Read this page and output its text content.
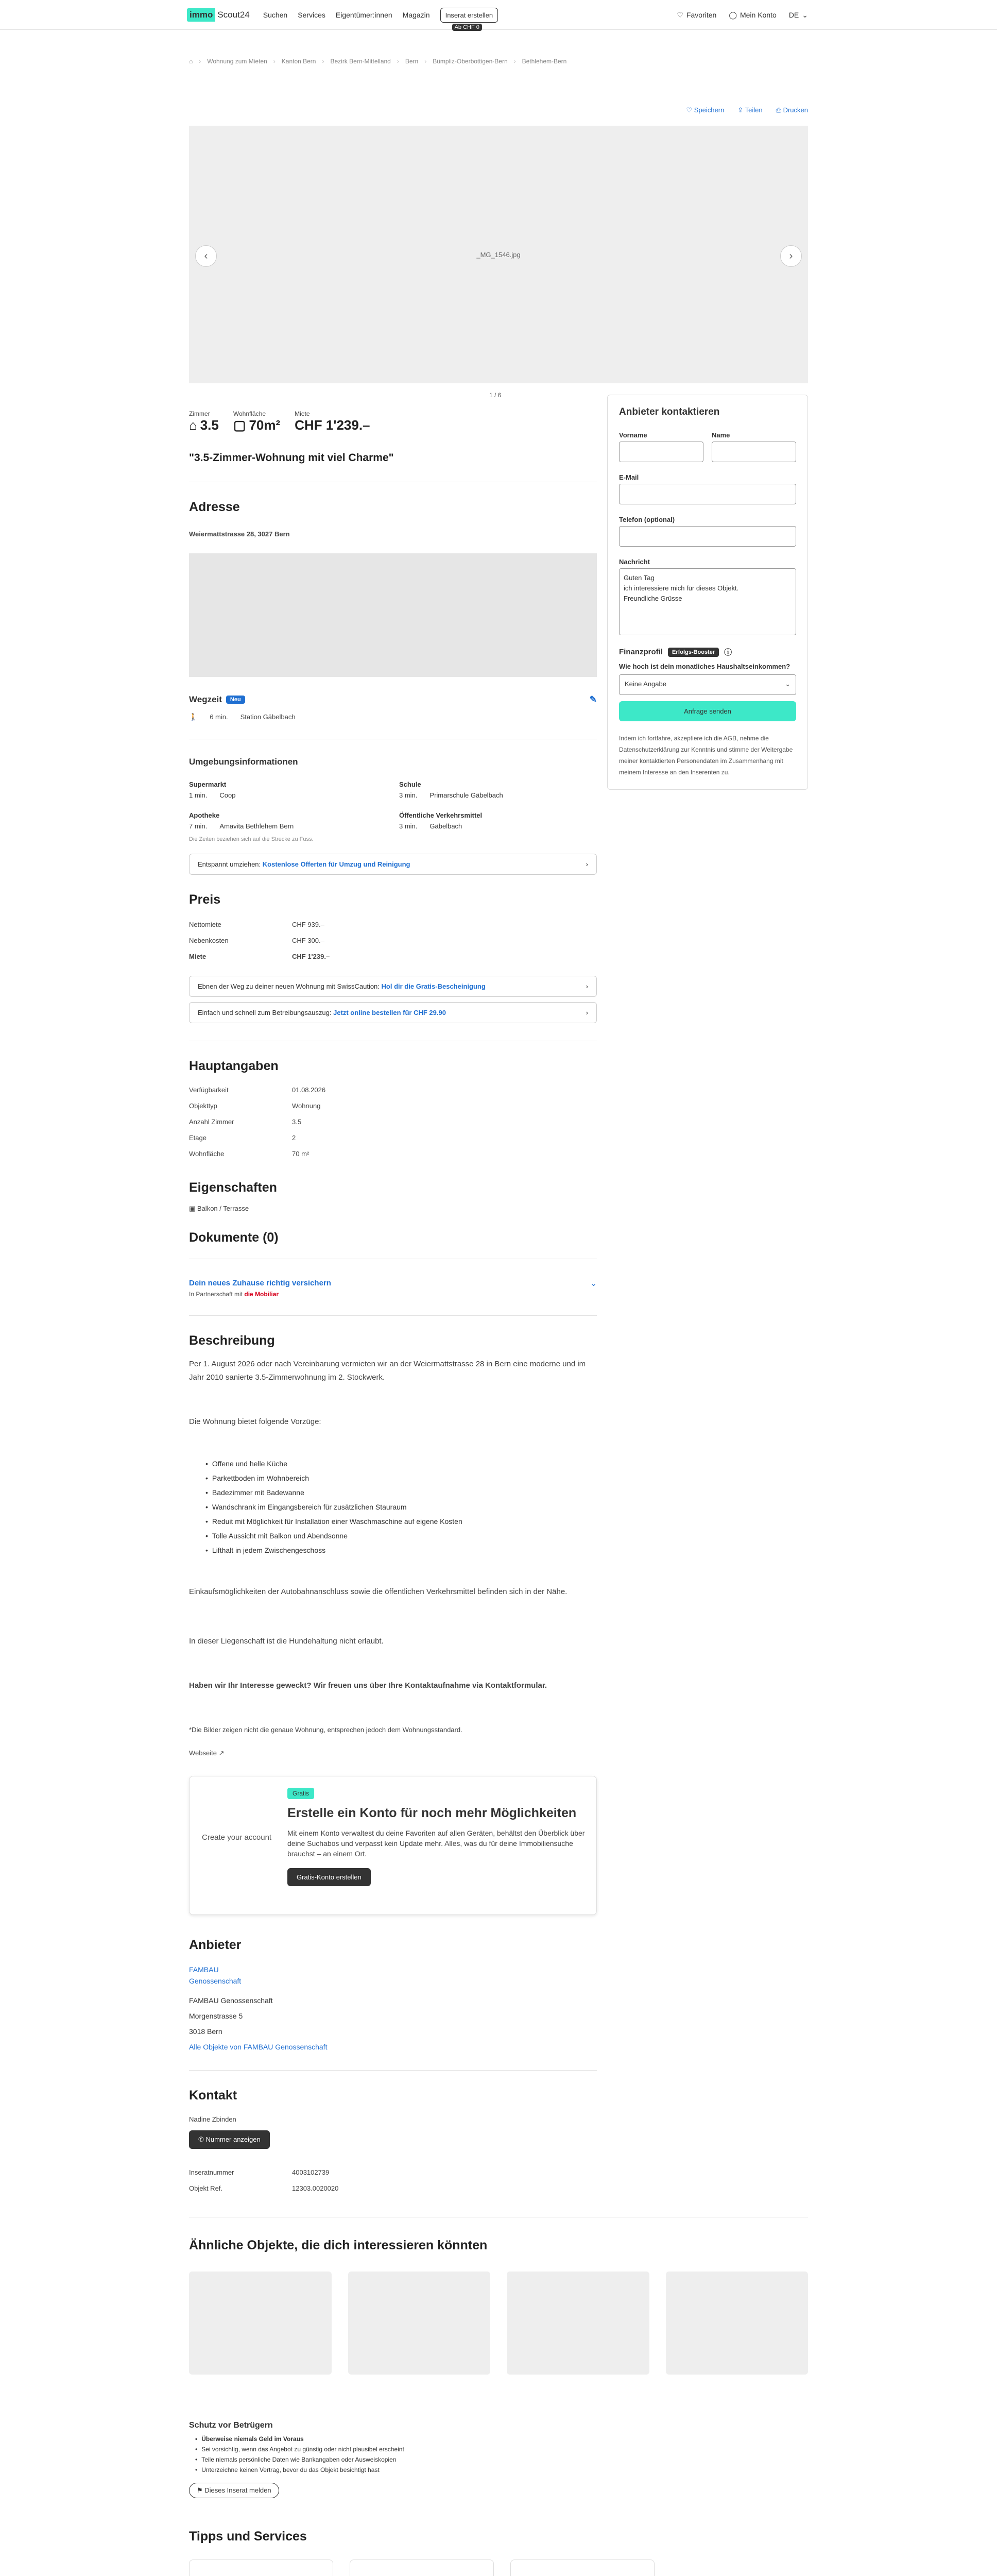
immo Scout24 Suchen Services Eigentümer:innen Magazin	Inserat erstellen
Ab CHF 0
♡ Favoriten ◯ Mein Konto DE ⌄
⌂ › Wohnung zum Mieten › Kanton Bern › Bezirk Bern-Mittelland › Bern › Bümpliz-Oberbottigen-Bern › Bethlehem-Bern
♡ Speichern ⇪ Teilen ⎙ Drucken
_MG_1546.jpg
‹	›
1 / 6
Zimmer
⌂ 3.5
Wohnfläche
▢ 70m²
Miete
CHF 1'239.–
"3.5-Zimmer-Wohnung mit viel Charme"
Adresse
Weiermattstrasse 28, 3027 Bern
Wegzeit	Neu	✎
🚶 6 min. Station Gäbelbach
Umgebungsinformationen
Supermarkt
1 min. Coop
Schule
3 min. Primarschule Gäbelbach
Apotheke
7 min. Amavita Bethlehem Bern
Öffentliche Verkehrsmittel
3 min. Gäbelbach
Die Zeiten beziehen sich auf die Strecke zu Fuss.
Entspannt umziehen: Kostenlose Offerten für Umzug und Reinigung	›
Preis
Nettomiete	CHF 939.–
Nebenkosten	CHF 300.–
Miete	CHF 1'239.–
Ebnen der Weg zu deiner neuen Wohnung mit SwissCaution: Hol dir die Gratis-Bescheinigung	›
Einfach und schnell zum Betreibungsauszug: Jetzt online bestellen für CHF 29.90	›
Hauptangaben
Verfügbarkeit	01.08.2026
Objekttyp	Wohnung
Anzahl Zimmer	3.5
Etage	2
Wohnfläche	70 m²
Eigenschaften
▣ Balkon / Terrasse
Dokumente (0)
Dein neues Zuhause richtig versichern
In Partnerschaft mit die Mobiliar
⌄
Beschreibung

Per 1. August 2026 oder nach Vereinbarung vermieten wir an der Weiermattstrasse 28 in Bern eine moderne und im Jahr 2010 sanierte 3.5-Zimmerwohnung im 2. Stockwerk.

Die Wohnung bietet folgende Vorzüge:

• Offene und helle Küche
• Parkettboden im Wohnbereich
• Badezimmer mit Badewanne
• Wandschrank im Eingangsbereich für zusätzlichen Stauraum
• Reduit mit Möglichkeit für Installation einer Waschmaschine auf eigene Kosten
• Tolle Aussicht mit Balkon und Abendsonne
• Lifthalt in jedem Zwischengeschoss

Einkaufsmöglichkeiten der Autobahnanschluss sowie die öffentlichen Verkehrsmittel befinden sich in der Nähe.

In dieser Liegenschaft ist die Hundehaltung nicht erlaubt.

Haben wir Ihr Interesse geweckt? Wir freuen uns über Ihre Kontaktaufnahme via Kontaktformular.

*Die Bilder zeigen nicht die genaue Wohnung, entsprechen jedoch dem Wohnungsstandard.

Webseite ↗
Create your account
Gratis
Erstelle ein Konto für noch mehr Möglichkeiten
Mit einem Konto verwaltest du deine Favoriten auf allen Geräten, behältst den Überblick über deine Suchabos und verpasst kein Update mehr. Alles, was du für deine Immobiliensuche brauchst – an einem Ort.
Gratis-Konto erstellen
Anbieter
FAMBAU Genossenschaft
FAMBAU Genossenschaft
Morgenstrasse 5
3018 Bern
Alle Objekte von FAMBAU Genossenschaft
Kontakt
Nadine Zbinden
✆ Nummer anzeigen
Inseratnummer	4003102739
Objekt Ref.	12303.0020020
Anbieter kontaktieren
Vorname	Name
E-Mail
Telefon (optional)
Nachricht
Guten Tag
ich interessiere mich für dieses Objekt.
Freundliche Grüsse
Finanzprofil	Erfolgs-Booster	ⓘ
Wie hoch ist dein monatliches Haushaltseinkommen?
Keine Angabe	⌄
Anfrage senden
Indem ich fortfahre, akzeptiere ich die AGB, nehme die Datenschutzerklärung zur Kenntnis und stimme der Weitergabe meiner kontaktierten Personendaten im Zusammenhang mit meinem Interesse an den Inserenten zu.
Ähnliche Objekte, die dich interessieren könnten
Schutz vor Betrügern
• Überweise niemals Geld im Voraus
• Sei vorsichtig, wenn das Angebot zu günstig oder nicht plausibel erscheint
• Teile niemals persönliche Daten wie Bankangaben oder Ausweiskopien
• Unterzeichne keinen Vertrag, bevor du das Objekt besichtigt hast
⚑ Dieses Inserat melden
Tipps und Services
